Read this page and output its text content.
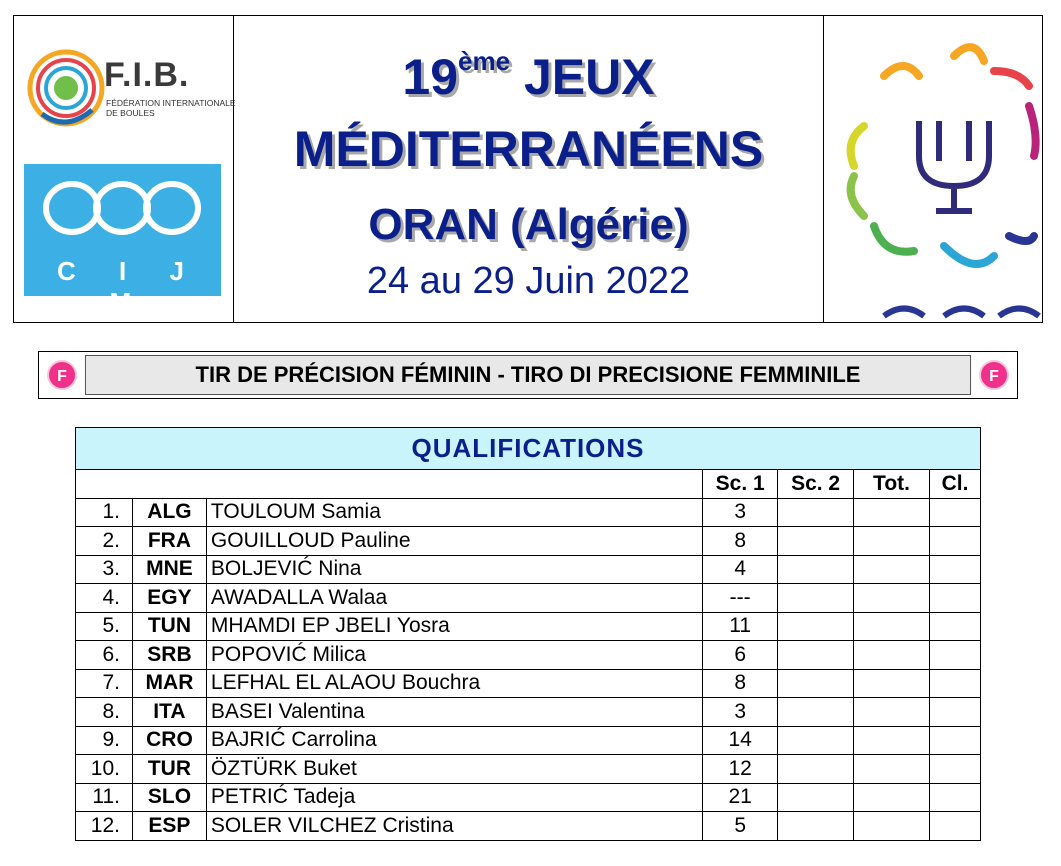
F.I.B.
FÉDÉRATION INTERNATIONALE DE BOULES
C I J M
19ème JEUX
MÉDITERRANÉENS
ORAN (Algérie)
24 au 29 Juin 2022
F	TIR DE PRÉCISION FÉMININ - TIRO DI PRECISIONE FEMMINILE	F
QUALIFICATIONS						
			Sc. 1	Sc. 2	Tot.	Cl.
1.	ALG	TOULOUM Samia	3			
2.	FRA	GOUILLOUD Pauline	8			
3.	MNE	BOLJEVIĆ Nina	4			
4.	EGY	AWADALLA Walaa	---			
5.	TUN	MHAMDI EP JBELI Yosra	11			
6.	SRB	POPOVIĆ Milica	6			
7.	MAR	LEFHAL EL ALAOU Bouchra	8			
8.	ITA	BASEI Valentina	3			
9.	CRO	BAJRIĆ Carrolina	14			
10.	TUR	ÖZTÜRK Buket	12			
11.	SLO	PETRIĆ Tadeja	21			
12.	ESP	SOLER VILCHEZ Cristina	5			
